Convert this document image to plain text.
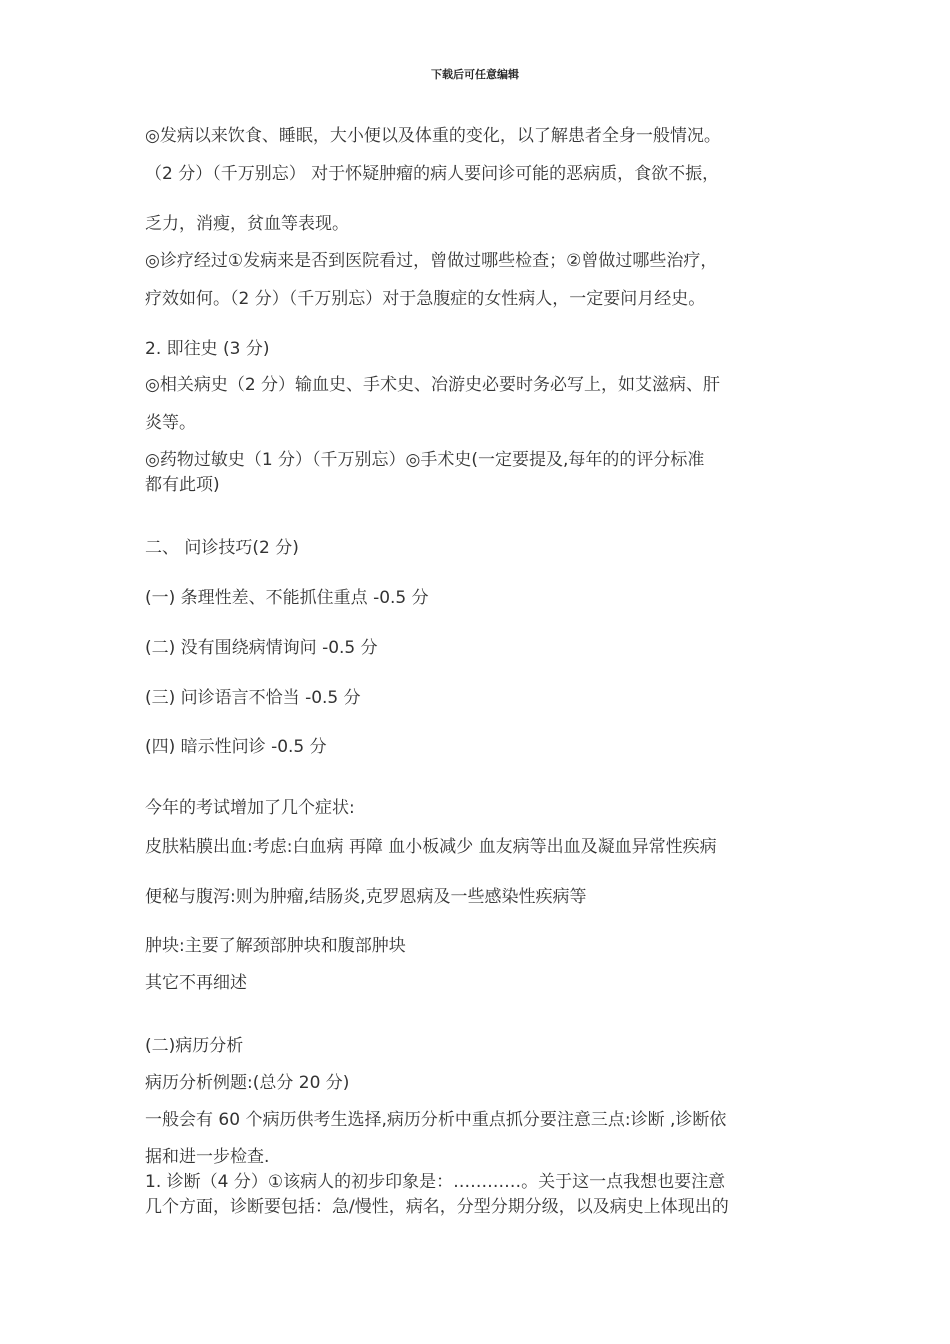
下载后可任意编辑
◎发病以来饮食、睡眠，大小便以及体重的变化，以了解患者全身一般情况。
（2 分）（千万别忘） 对于怀疑肿瘤的病人要问诊可能的恶病质，食欲不振，
乏力，消瘦，贫血等表现。
◎诊疗经过①发病来是否到医院看过，曾做过哪些检查；②曾做过哪些治疗，
疗效如何。（2 分）（千万别忘）对于急腹症的女性病人，一定要问月经史。
2. 即往史 (3 分)
◎相关病史（2 分）输血史、手术史、冶游史必要时务必写上，如艾滋病、肝
炎等。
◎药物过敏史（1 分）（千万别忘）◎手术史(一定要提及,每年的的评分标准
都有此项)
二、 问诊技巧(2 分)
(一) 条理性差、不能抓住重点 -0.5 分
(二) 没有围绕病情询问 -0.5 分
(三) 问诊语言不恰当 -0.5 分
(四) 暗示性问诊 -0.5 分
今年的考试增加了几个症状:
皮肤粘膜出血:考虑:白血病 再障 血小板减少 血友病等出血及凝血异常性疾病
便秘与腹泻:则为肿瘤,结肠炎,克罗恩病及一些感染性疾病等
肿块:主要了解颈部肿块和腹部肿块
其它不再细述
(二)病历分析
病历分析例题:(总分 20 分)
一般会有 60 个病历供考生选择,病历分析中重点抓分要注意三点:诊断 ,诊断依
据和进一步检查.
1. 诊断（4 分）①该病人的初步印象是：…………。关于这一点我想也要注意
几个方面，诊断要包括：急/慢性，病名，分型分期分级，以及病史上体现出的
